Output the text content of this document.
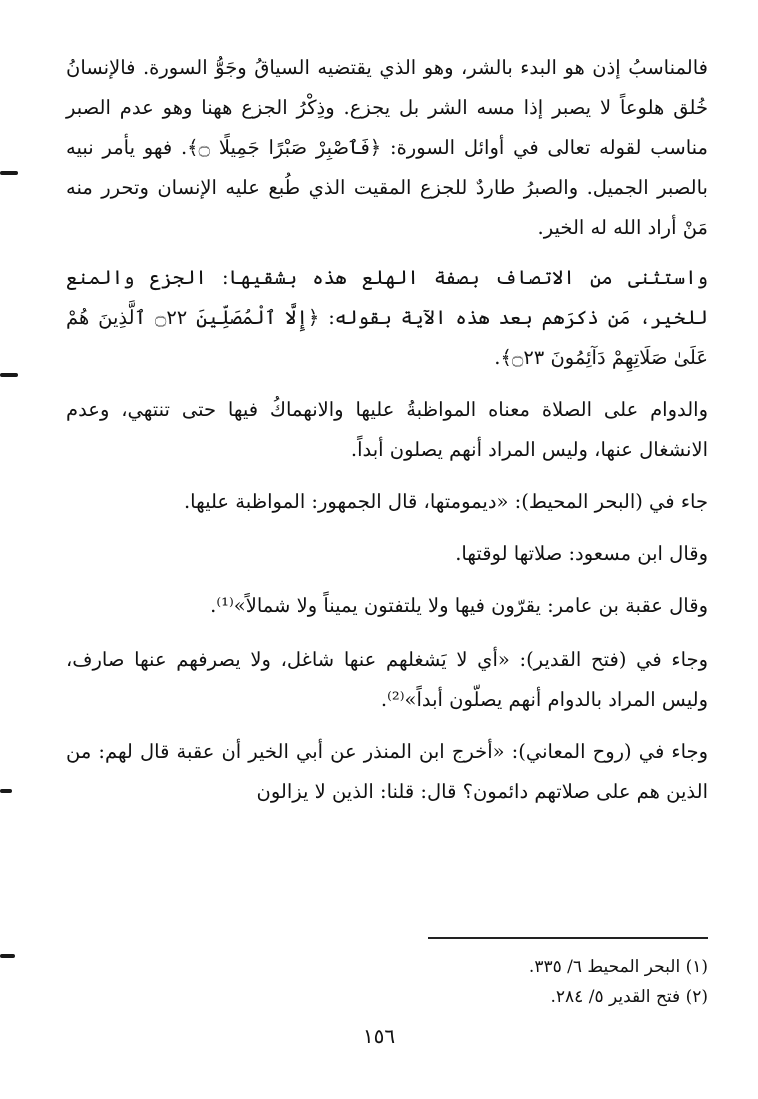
فالمناسبُ إذن هو البدء بالشر، وهو الذي يقتضيه السياقُ وجَوُّ السورة. فالإنسانُ خُلق هلوعاً لا يصبر إذا مسه الشر بل يجزع. وذِكْرُ الجزع ههنا وهو عدم الصبر مناسب لقوله تعالى في أوائل السورة: ﴿فَٱصْبِرْ صَبْرًا جَمِيلًا ۝﴾. فهو يأمر نبيه بالصبر الجميل. والصبرُ طاردٌ للجزع المقيت الذي طُبع عليه الإنسان وتحرر منه مَنْ أراد الله له الخير.

واستثنى من الاتصاف بصفة الهلع هذه بشقيها: الجزع والمنع للخير، مَن ذكرَهم بعد هذه الآية بقوله: ﴿إِلَّا ٱلْمُصَلِّينَ ۝٢٢ ٱلَّذِينَ هُمْ عَلَىٰ صَلَاتِهِمْ دَآئِمُونَ ۝٢٣﴾.

والدوام على الصلاة معناه المواظبةُ عليها والانهماكُ فيها حتى تنتهي، وعدم الانشغال عنها، وليس المراد أنهم يصلون أبداً.

جاء في (البحر المحيط): «ديمومتها، قال الجمهور: المواظبة عليها.

وقال ابن مسعود: صلاتها لوقتها.

وقال عقبة بن عامر: يقرّون فيها ولا يلتفتون يميناً ولا شمالاً»⁽¹⁾.

وجاء في (فتح القدير): «أي لا يَشغلهم عنها شاغل، ولا يصرفهم عنها صارف، وليس المراد بالدوام أنهم يصلّون أبداً»⁽²⁾.

وجاء في (روح المعاني): «أخرج ابن المنذر عن أبي الخير أن عقبة قال لهم: من الذين هم على صلاتهم دائمون؟ قال: قلنا: الذين لا يزالون

(١) البحر المحيط ٦/ ٣٣٥.

(٢) فتح القدير ٥/ ٢٨٤.

١٥٦
